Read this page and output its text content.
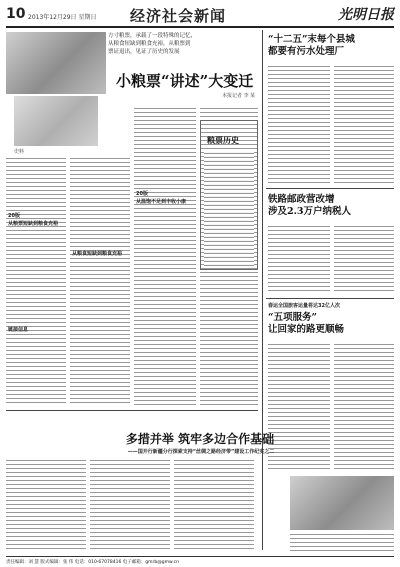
10 2013年12月29日 星期日 经济社会新闻	光明日报
方寸粮票，承载了一段特殊的记忆，
从粮食短缺到粮食充裕，从粮票到
票证退出，见证了历史的发展
小粮票“讲述”大变迁
本报记者 李 某
史料
20版
从粮票短缺到粮食充裕
从粮食短缺到粮食充裕
20版
从温饱不足到丰收小康
粮票历史
链接信息
“十二五”末每个县城
都要有污水处理厂
铁路邮政营改增
涉及2.3万户纳税人
春运全国旅客运量将达32亿人次
“五项服务”
让回家的路更顺畅
多措并举 筑牢多边合作基础
——国开行新疆分行探索支持“丝绸之路经济带”建设工作纪实之二
责任编辑：刘 慧 版式编辑：张 伟 电话：010-67078416 电子邮箱：gmrb@gmw.cn
